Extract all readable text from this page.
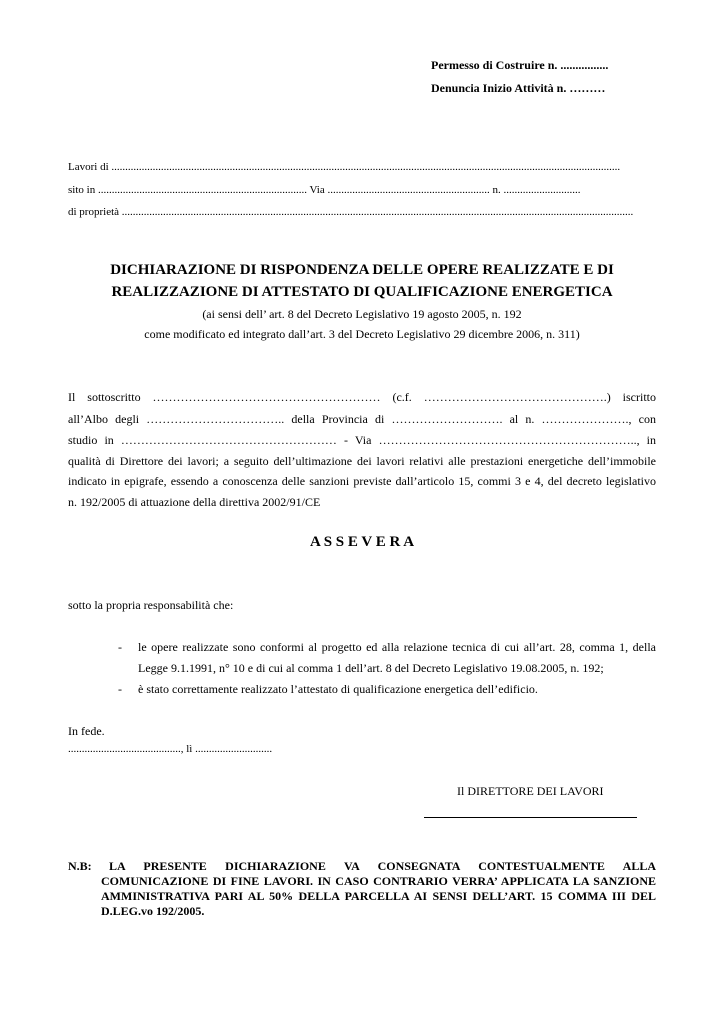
Permesso di Costruire n. ................
Denuncia Inizio Attività n. ………
Lavori di .........................................................................................................................................................................................
sito in ............................................................................ Via ........................................................... n. ............................
di proprietà ..........................................................................................................................................................................................
DICHIARAZIONE DI RISPONDENZA DELLE OPERE REALIZZATE E DI
REALIZZAZIONE DI ATTESTATO DI QUALIFICAZIONE ENERGETICA
(ai sensi dell’ art. 8 del Decreto Legislativo 19 agosto 2005, n. 192
come modificato ed integrato dall’art. 3 del Decreto Legislativo 29 dicembre 2006, n. 311)
Il sottoscritto ………………………………………………… (c.f. ……………………………………….) iscritto
all’Albo degli …………………………….. della Provincia di ………………………. al n. …………………., con
studio in ……………………………………………… - Via ……………………………………………………….., in
qualità di Direttore dei lavori; a seguito dell’ultimazione dei lavori relativi alle prestazioni energetiche dell’immobile
indicato in epigrafe, essendo a conoscenza delle sanzioni previste dall’articolo 15, commi 3 e 4, del decreto legislativo
n. 192/2005 di attuazione della direttiva 2002/91/CE
A S S E V E R A
sotto la propria responsabilità che:
- le opere realizzate sono conformi al progetto ed alla relazione tecnica di cui all’art. 28, comma 1, della
Legge 9.1.1991, n° 10 e di cui al comma 1 dell’art. 8 del Decreto Legislativo 19.08.2005, n. 192;
- è stato correttamente realizzato l’attestato di qualificazione energetica dell’edificio.
In fede.
........................................., lì ............................
Il DIRETTORE DEI LAVORI
N.B: LA PRESENTE DICHIARAZIONE VA CONSEGNATA CONTESTUALMENTE ALLA
COMUNICAZIONE DI FINE LAVORI. IN CASO CONTRARIO VERRA’ APPLICATA LA SANZIONE
AMMINISTRATIVA PARI AL 50% DELLA PARCELLA AI SENSI DELL’ART. 15 COMMA III DEL
D.LEG.vo 192/2005.
